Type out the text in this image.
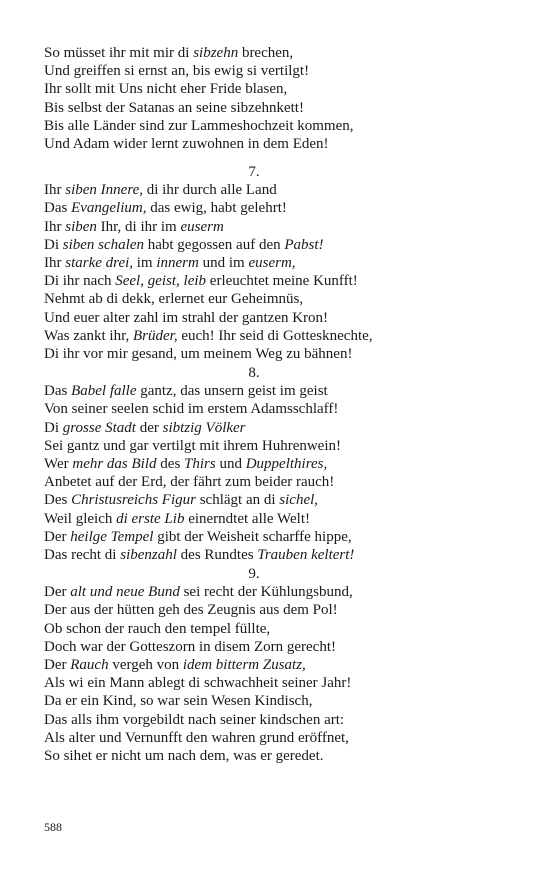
So müsset ihr mit mir di sibzehn brechen,
Und greiffen si ernst an, bis ewig si vertilgt!
Ihr sollt mit Uns nicht eher Fride blasen,
Bis selbst der Satanas an seine sibzehnkett!
Bis alle Länder sind zur Lammeshochzeit kommen,
Und Adam wider lernt zuwohnen in dem Eden!
7.
Ihr siben Innere, di ihr durch alle Land
Das Evangelium, das ewig, habt gelehrt!
Ihr siben Ihr, di ihr im euserm
Di siben schalen habt gegossen auf den Pabst!
Ihr starke drei, im innerm und im euserm,
Di ihr nach Seel, geist, leib erleuchtet meine Kunfft!
Nehmt ab di dekk, erlernet eur Geheimnüs,
Und euer alter zahl im strahl der gantzen Kron!
Was zankt ihr, Brüder, euch! Ihr seid di Gottesknechte,
Di ihr vor mir gesand, um meinem Weg zu bähnen!
8.
Das Babel falle gantz, das unsern geist im geist
Von seiner seelen schid im erstem Adamsschlaff!
Di grosse Stadt der sibtzig Völker
Sei gantz und gar vertilgt mit ihrem Huhrenwein!
Wer mehr das Bild des Thirs und Duppelthires,
Anbetet auf der Erd, der fährt zum beider rauch!
Des Christusreichs Figur schlägt an di sichel,
Weil gleich di erste Lib einerndtet alle Welt!
Der heilge Tempel gibt der Weisheit scharffe hippe,
Das recht di sibenzahl des Rundtes Trauben keltert!
9.
Der alt und neue Bund sei recht der Kühlungsbund,
Der aus der hütten geh des Zeugnis aus dem Pol!
Ob schon der rauch den tempel füllte,
Doch war der Gotteszorn in disem Zorn gerecht!
Der Rauch vergeh von idem bitterm Zusatz,
Als wi ein Mann ablegt di schwachheit seiner Jahr!
Da er ein Kind, so war sein Wesen Kindisch,
Das alls ihm vorgebildt nach seiner kindschen art:
Als alter und Vernunfft den wahren grund eröffnet,
So sihet er nicht um nach dem, was er geredet.
588
